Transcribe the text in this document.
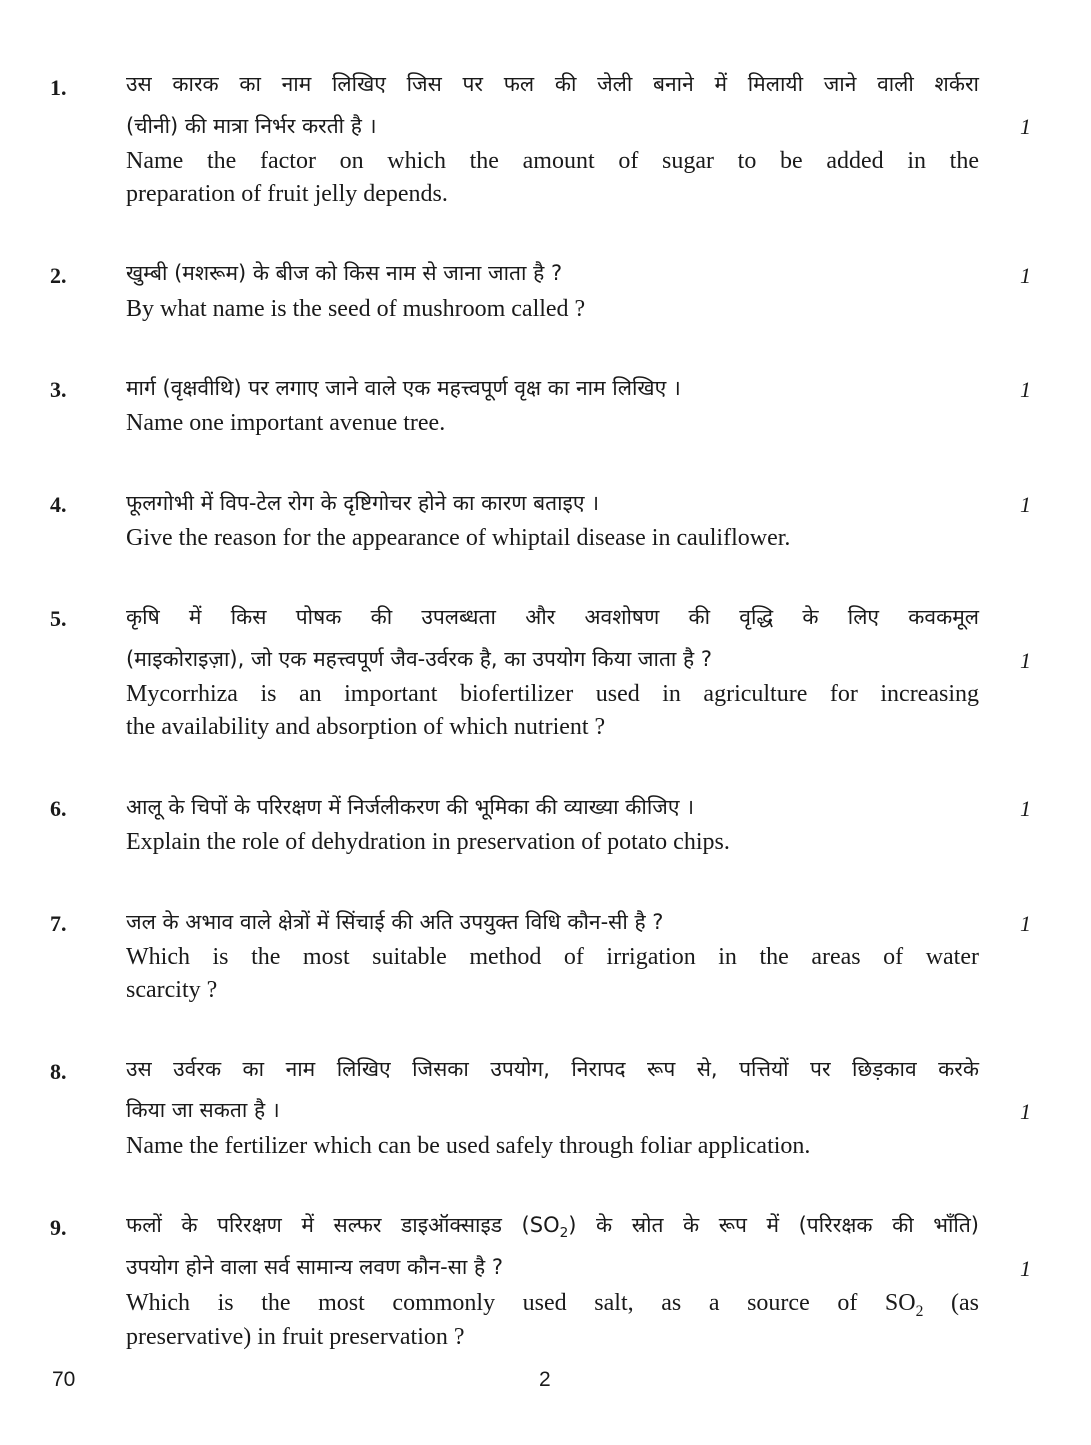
1.	उस कारक का नाम लिखिए जिस पर फल की जेली बनाने में मिलायी जाने वाली शर्करा
(चीनी) की मात्रा निर्भर करती है ।	1
Name the factor on which the amount of sugar to be added in the
preparation of fruit jelly depends.
2.	खुम्बी (मशरूम) के बीज को किस नाम से जाना जाता है ?	1
By what name is the seed of mushroom called ?
3.	मार्ग (वृक्षवीथि) पर लगाए जाने वाले एक महत्त्वपूर्ण वृक्ष का नाम लिखिए ।	1
Name one important avenue tree.
4.	फूलगोभी में विप-टेल रोग के दृष्टिगोचर होने का कारण बताइए ।	1
Give the reason for the appearance of whiptail disease in cauliflower.
5.	कृषि में किस पोषक की उपलब्धता और अवशोषण की वृद्धि के लिए कवकमूल
(माइकोराइज़ा), जो एक महत्त्वपूर्ण जैव-उर्वरक है, का उपयोग किया जाता है ?	1
Mycorrhiza is an important biofertilizer used in agriculture for increasing
the availability and absorption of which nutrient ?
6.	आलू के चिपों के परिरक्षण में निर्जलीकरण की भूमिका की व्याख्या कीजिए ।	1
Explain the role of dehydration in preservation of potato chips.
7.	जल के अभाव वाले क्षेत्रों में सिंचाई की अति उपयुक्त विधि कौन-सी है ?	1
Which is the most suitable method of irrigation in the areas of water
scarcity ?
8.	उस उर्वरक का नाम लिखिए जिसका उपयोग, निरापद रूप से, पत्तियों पर छिड़काव करके
किया जा सकता है ।	1
Name the fertilizer which can be used safely through foliar application.
9.	फलों के परिरक्षण में सल्फर डाइऑक्साइड $(SO_2)$ के स्रोत के रूप में (परिरक्षक की भाँति)
उपयोग होने वाला सर्व सामान्य लवण कौन-सा है ?	1
Which is the most commonly used salt, as a source of $SO_2$ (as
preservative) in fruit preservation ?
70	2
